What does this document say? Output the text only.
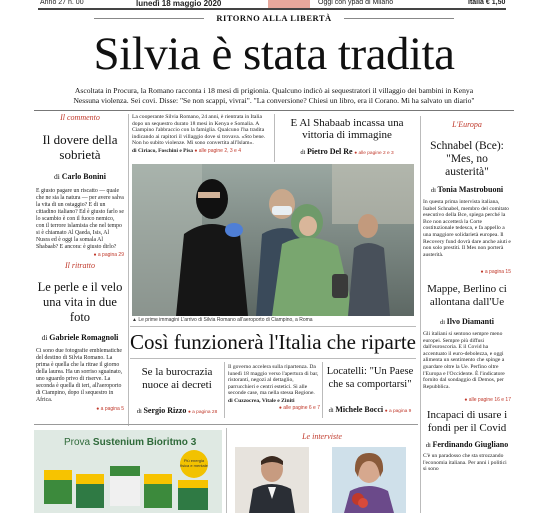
Anno 27 n. 00	lunedì 18 maggio 2020	Oggi con ypad di Milano	Italia € 1,50
RITORNO ALLA LIBERTÀ
Silvia è stata tradita
Ascoltata in Procura, la Romano racconta i 18 mesi di prigionia. Qualcuno indicò ai sequestratori il villaggio dei bambini in Kenya
Nessuna violenza. Sei covi. Disse: "Se non scappi, vivrai". "La conversione? Chiesi un libro, era il Corano. Mi ha salvato un diario"
Il commento
Il dovere della sobrietà
di Carlo Bonini
È giusto pagare un riscatto — quale che ne sia la natura — per avere salva la vita di un ostaggio? E di un cittadino italiano? Ed è giusto farlo se lo scambio è con il fuoco nemico, con il terrore islamista che nel tempo si è chiamato Al Qaeda, Isis, Al Nusra ed è oggi la somala Al Shabaab? E ancora: è giusto dirlo?
● a pagina 29
Il ritratto
Le perle e il velo una vita in due foto
di Gabriele Romagnoli
Ci sono due fotografie emblematiche del destino di Silvia Romano. La prima è quella che la ritrae il giorno della laurea. Ha un sorriso sguainato, uno sguardo privo di riserve. La seconda è quella di ieri, all'aeroporto di Ciampino, dopo il sequestro in Africa.
● a pagina 5
La cooperante Silvia Romano, 24 anni, è rientrata in Italia dopo un sequestro durato 18 mesi in Kenya e Somalia. A Ciampino l'abbraccio con la famiglia. Qualcuno l'ha tradita indicando ai rapitori il villaggio dove si trovava. «Sto bene. Non ho subito violenze. Mi sono convertita all'Islam».
di Ciriaco, Foschini e Pisa ● alle pagine 2, 3 e 4
E Al Shabaab incassa una vittoria di immagine
di Pietro Del Re ● alle pagine 2 e 3
▲ Le prime immagini L'arrivo di Silvia Romano all'aeroporto di Ciampino, a Roma
Così funzionerà l'Italia che riparte
Se la burocrazia nuoce ai decreti
di Sergio Rizzo ● a pagina 28
Il governo accelera sulla ripartenza. Da lunedì 18 maggio verso l'apertura di bar, ristoranti, negozi al dettaglio, parrucchieri e centri estetici. Si alle seconde case, ma nella stessa Regione.
di Cuzzocrea, Vitale e Ziniti
● alle pagine 6 e 7
Locatelli: "Un Paese che sa comportarsi"
di Michele Bocci ● a pagina 9
Le interviste
Prova Sustenium Bioritmo 3
Più energia fisica e mentale
L'Europa
Schnabel (Bce): "Mes, no austerità"
di Tonia Mastrobuoni
In questa prima intervista italiana, Isabel Schnabel, membro del comitato esecutivo della Bce, spiega perché la Bce non accetterà la Corte costituzionale tedesca, e fa appello a una maggiore solidarietà europea. Il Recovery fund dovrà dare anche aiuti e non solo prestiti. Il Mes non porterà austerità.
● a pagina 15
Mappe, Berlino ci allontana dall'Ue
di Ilvo Diamanti
Gli italiani si sentono sempre meno europei. Sempre più diffusi dall'euroscoria. E il Covid ha accentuato il euro-debolezza, e oggi alimenta un sentimento che spinge a guardare oltre la Ue. Perfino oltre l'Europa e l'Occidente. È l'indicatore fornito dal sondaggio di Demos, per Repubblica.
● alle pagine 16 e 17
Incapaci di usare i fondi per il Covid
di Ferdinando Giugliano
C'è un paradosso che sta strozzando l'economia italiana. Per anni i politici si sono
